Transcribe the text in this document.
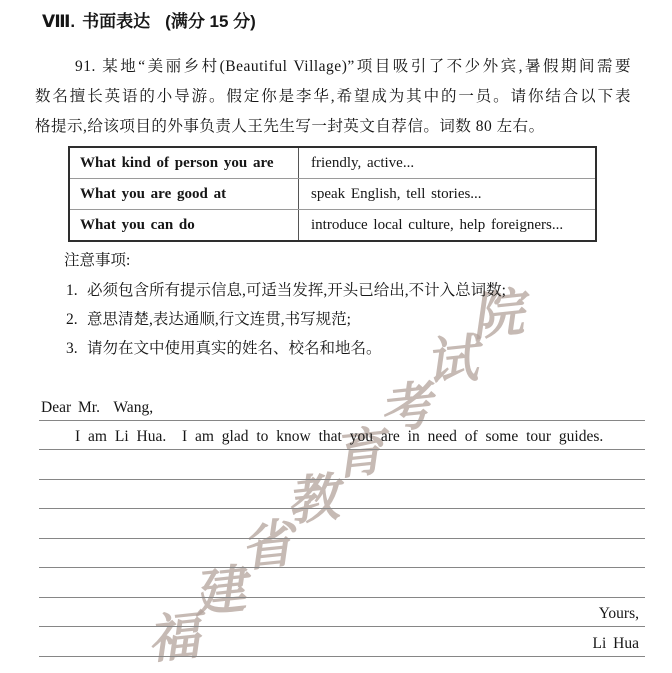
福
建
省
教
育
考
试
院
Ⅷ. 书面表达 (满分 15 分)
91. 某地“美丽乡村(Beautiful Village)”项目吸引了不少外宾,暑假期间需要
数名擅长英语的小导游。假定你是李华,希望成为其中的一员。请你结合以下表
格提示,给该项目的外事负责人王先生写一封英文自荐信。词数 80 左右。
What kind of person you are	friendly, active...
What you are good at	speak English, tell stories...
What you can do	introduce local culture, help foreigners...
注意事项:
1. 必须包含所有提示信息,可适当发挥,开头已给出,不计入总词数;
2. 意思清楚,表达通顺,行文连贯,书写规范;
3. 请勿在文中使用真实的姓名、校名和地名。
Dear Mr.  Wang,
I am Li Hua.  I am glad to know that you are in need of some tour guides.
Yours,
Li Hua
